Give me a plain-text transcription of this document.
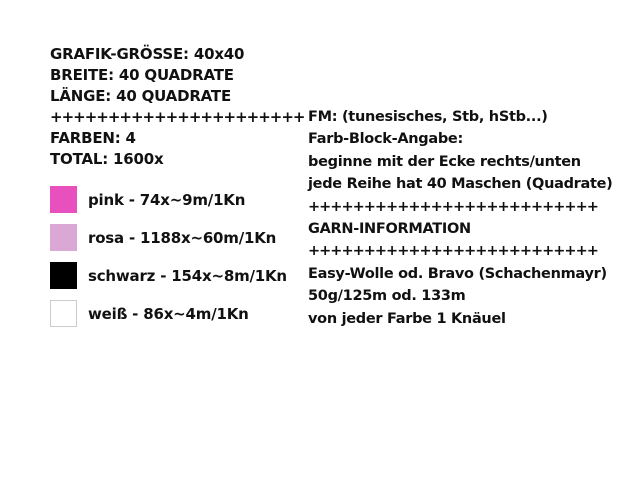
GRAFIK-GRÖSSE: 40x40
BREITE: 40 QUADRATE
LÄNGE: 40 QUADRATE
++++++++++++++++++++++
FARBEN: 4
TOTAL: 1600x
pink - 74x~9m/1Kn
rosa - 1188x~60m/1Kn
schwarz - 154x~8m/1Kn
weiß - 86x~4m/1Kn
FM: (tunesisches, Stb, hStb...)
Farb-Block-Angabe:
beginne mit der Ecke rechts/unten
jede Reihe hat 40 Maschen (Quadrate)
++++++++++++++++++++++++++
GARN-INFORMATION
++++++++++++++++++++++++++
Easy-Wolle od. Bravo (Schachenmayr)
50g/125m od. 133m
von jeder Farbe 1 Knäuel
